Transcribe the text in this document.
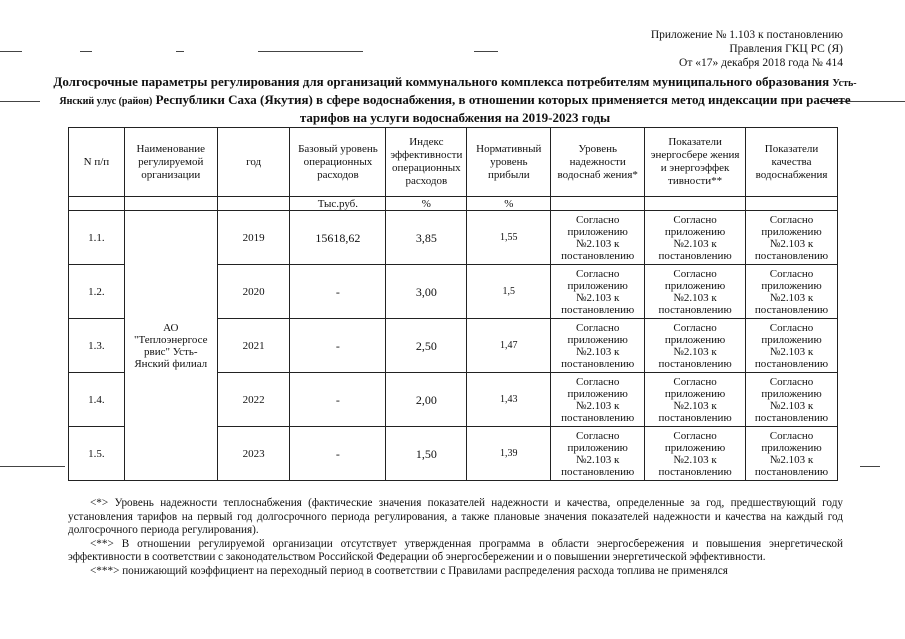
Приложение № 1.103 к постановлению
Правления ГКЦ РС (Я)
От «17» декабря 2018 года № 414
Долгосрочные параметры регулирования для организаций коммунального комплекса потребителям муниципального образования Усть-Янский улус (район) Республики Саха (Якутия) в сфере водоснабжения, в отношении которых применяется метод индексации при расчете тарифов на услуги водоснабжения на 2019-2023 годы
N п/п	Наименование регулируемой организации	год	Базовый уровень операционных расходов	Индекс эффективности операционных расходов	Нормативный уровень прибыли	Уровень надежности водоснаб жения*	Показатели энергосбере жения и энергоэффек тивности**	Показатели качества водоснабжения
			Тыс.руб.	%	%			
1.1.	АО "Теплоэнергосе рвис" Усть-Янский филиал	2019	15618,62	3,85	1,55	Согласно приложению №2.103 к постановлению	Согласно приложению №2.103 к постановлению	Согласно приложению №2.103 к постановлению
1.2.		2020	-	3,00	1,5	Согласно приложению №2.103 к постановлению	Согласно приложению №2.103 к постановлению	Согласно приложению №2.103 к постановлению
1.3.		2021	-	2,50	1,47	Согласно приложению №2.103 к постановлению	Согласно приложению №2.103 к постановлению	Согласно приложению №2.103 к постановлению
1.4.		2022	-	2,00	1,43	Согласно приложению №2.103 к постановлению	Согласно приложению №2.103 к постановлению	Согласно приложению №2.103 к постановлению
1.5.		2023	-	1,50	1,39	Согласно приложению №2.103 к постановлению	Согласно приложению №2.103 к постановлению	Согласно приложению №2.103 к постановлению

<*> Уровень надежности теплоснабжения (фактические значения показателей надежности и качества, определенные за год, предшествующий году установления тарифов на первый год долгосрочного периода регулирования, а также плановые значения показателей надежности и качества на каждый год долгосрочного периода регулирования).

<**> В отношении регулируемой организации отсутствует утвержденная программа в области энергосбережения и повышения энергетической эффективности в соответствии с законодательством Российской Федерации об энергосбережении и о повышении энергетической эффективности.

<***> понижающий коэффициент на переходный период в соответствии с Правилами распределения расхода топлива не применялся
